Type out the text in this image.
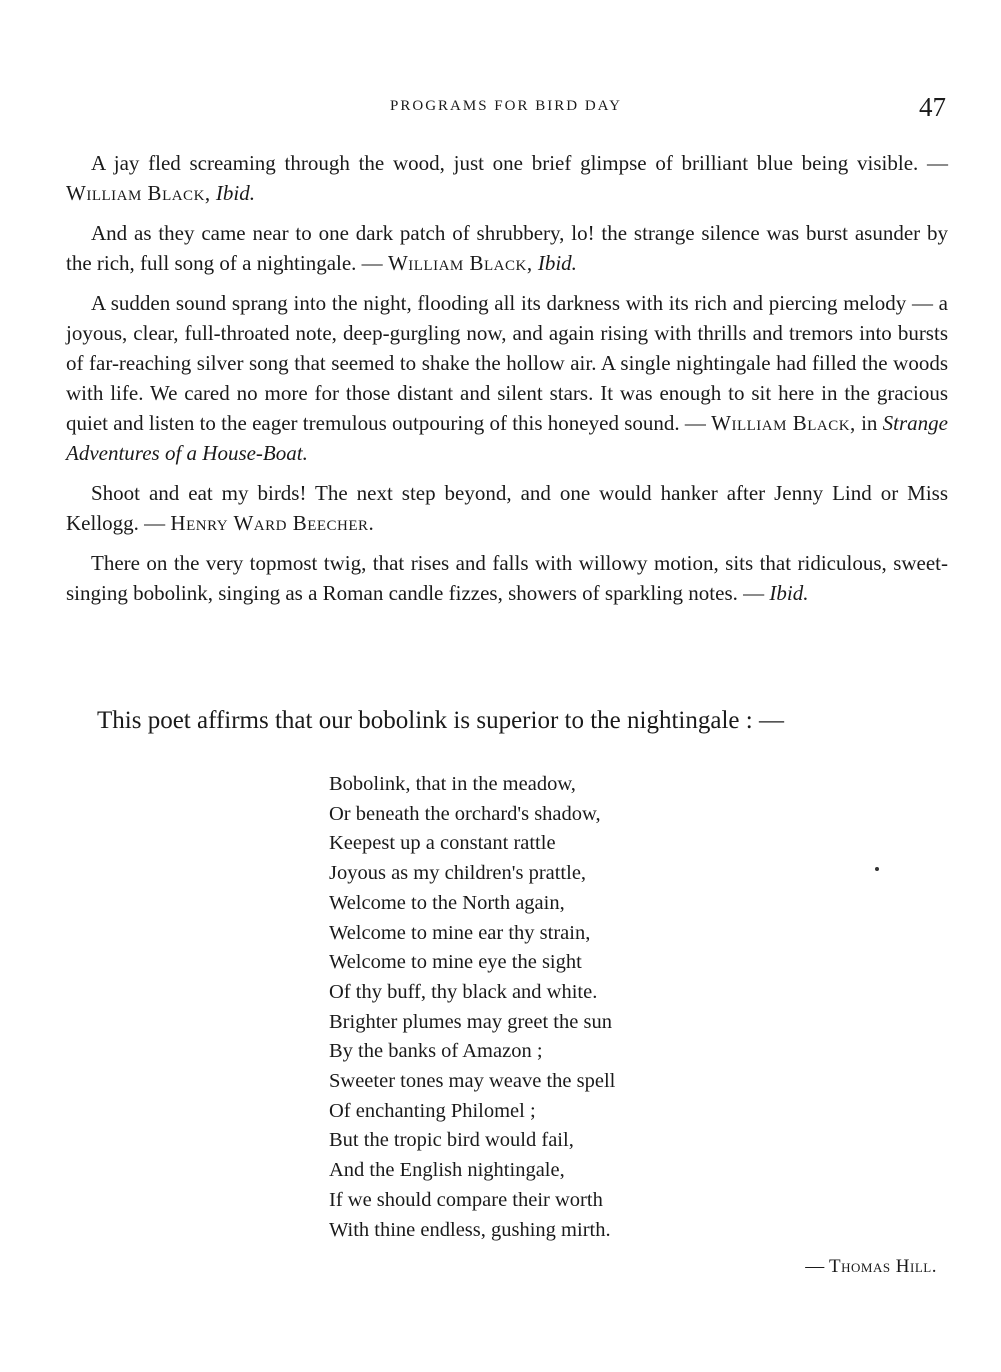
PROGRAMS FOR BIRD DAY	47

A jay fled screaming through the wood, just one brief glimpse of brilliant blue being visible. — William Black, Ibid.

And as they came near to one dark patch of shrubbery, lo! the strange silence was burst asunder by the rich, full song of a nightingale. — William Black, Ibid.

A sudden sound sprang into the night, flooding all its darkness with its rich and piercing melody — a joyous, clear, full-throated note, deep-gurgling now, and again rising with thrills and tremors into bursts of far-reaching silver song that seemed to shake the hollow air. A single nightingale had filled the woods with life. We cared no more for those distant and silent stars. It was enough to sit here in the gracious quiet and listen to the eager tremulous outpouring of this honeyed sound. — William Black, in Strange Adventures of a House-Boat.

Shoot and eat my birds! The next step beyond, and one would hanker after Jenny Lind or Miss Kellogg. — Henry Ward Beecher.

There on the very topmost twig, that rises and falls with willowy motion, sits that ridiculous, sweet-singing bobolink, singing as a Roman candle fizzes, showers of sparkling notes. — Ibid.

This poet affirms that our bobolink is superior to the nightingale : —
Bobolink, that in the meadow,
Or beneath the orchard's shadow,
Keepest up a constant rattle
Joyous as my children's prattle,
Welcome to the North again,
Welcome to mine ear thy strain,
Welcome to mine eye the sight
Of thy buff, thy black and white.
Brighter plumes may greet the sun
By the banks of Amazon ;
Sweeter tones may weave the spell
Of enchanting Philomel ;
But the tropic bird would fail,
And the English nightingale,
If we should compare their worth
With thine endless, gushing mirth.
— Thomas Hill.
